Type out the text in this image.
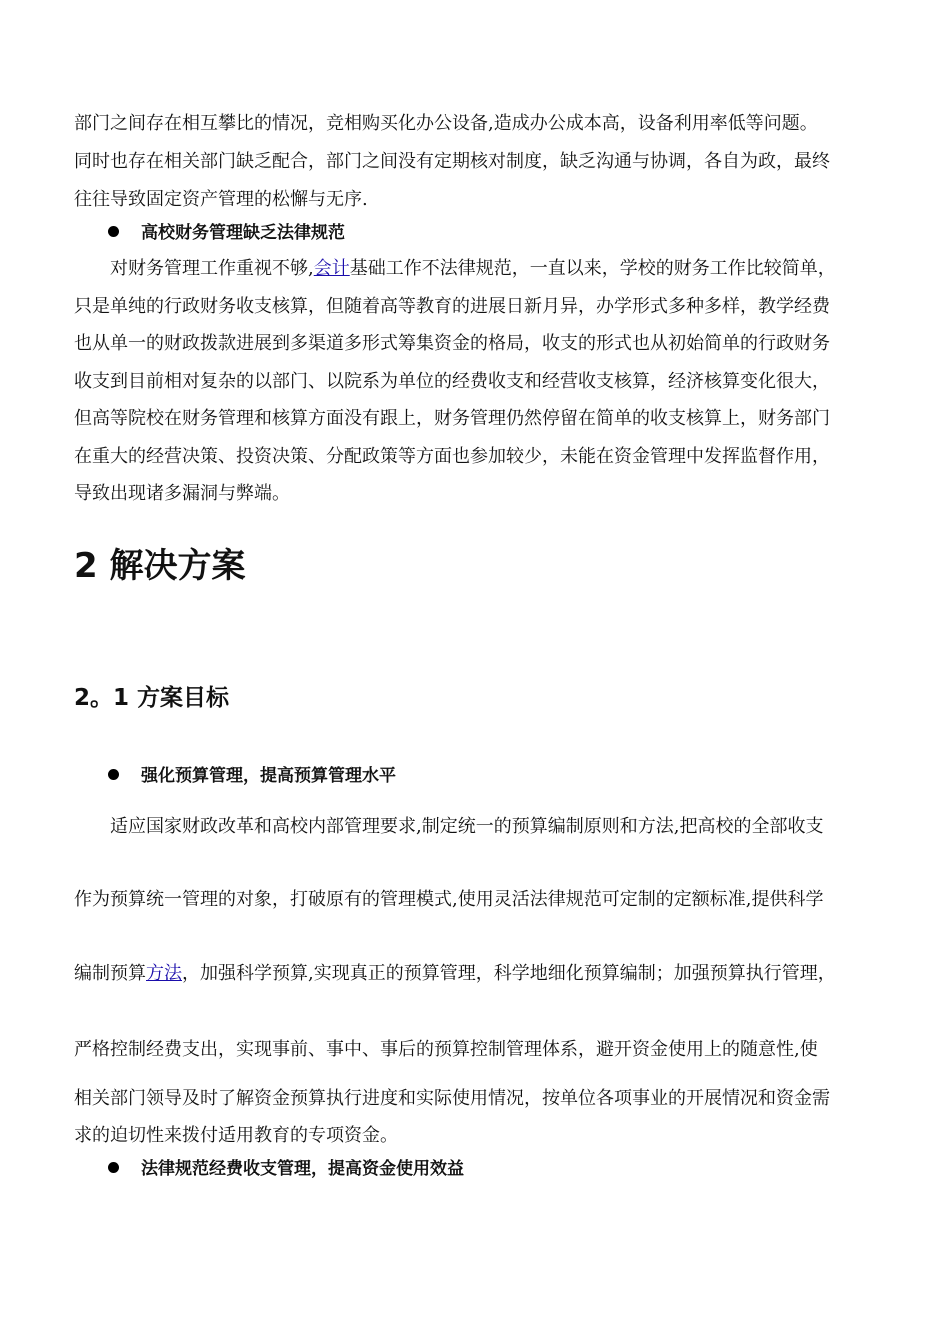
部门之间存在相互攀比的情况，竞相购买化办公设备,造成办公成本高，设备利用率低等问题。

同时也存在相关部门缺乏配合，部门之间没有定期核对制度，缺乏沟通与协调，各自为政，最终

往往导致固定资产管理的松懈与无序.

高校财务管理缺乏法律规范

对财务管理工作重视不够,会计基础工作不法律规范，一直以来，学校的财务工作比较简单，

只是单纯的行政财务收支核算，但随着高等教育的进展日新月异，办学形式多种多样，教学经费

也从单一的财政拨款进展到多渠道多形式筹集资金的格局，收支的形式也从初始简单的行政财务

收支到目前相对复杂的以部门、以院系为单位的经费收支和经营收支核算，经济核算变化很大，

但高等院校在财务管理和核算方面没有跟上，财务管理仍然停留在简单的收支核算上，财务部门

在重大的经营决策、投资决策、分配政策等方面也参加较少，未能在资金管理中发挥监督作用，

导致出现诸多漏洞与弊端。

2 解决方案
2。1 方案目标

强化预算管理，提高预算管理水平

适应国家财政改革和高校内部管理要求,制定统一的预算编制原则和方法,把高校的全部收支

作为预算统一管理的对象，打破原有的管理模式,使用灵活法律规范可定制的定额标准,提供科学

编制预算方法，加强科学预算,实现真正的预算管理，科学地细化预算编制；加强预算执行管理，

严格控制经费支出，实现事前、事中、事后的预算控制管理体系，避开资金使用上的随意性,使

相关部门领导及时了解资金预算执行进度和实际使用情况，按单位各项事业的开展情况和资金需

求的迫切性来拨付适用教育的专项资金。

法律规范经费收支管理，提高资金使用效益
